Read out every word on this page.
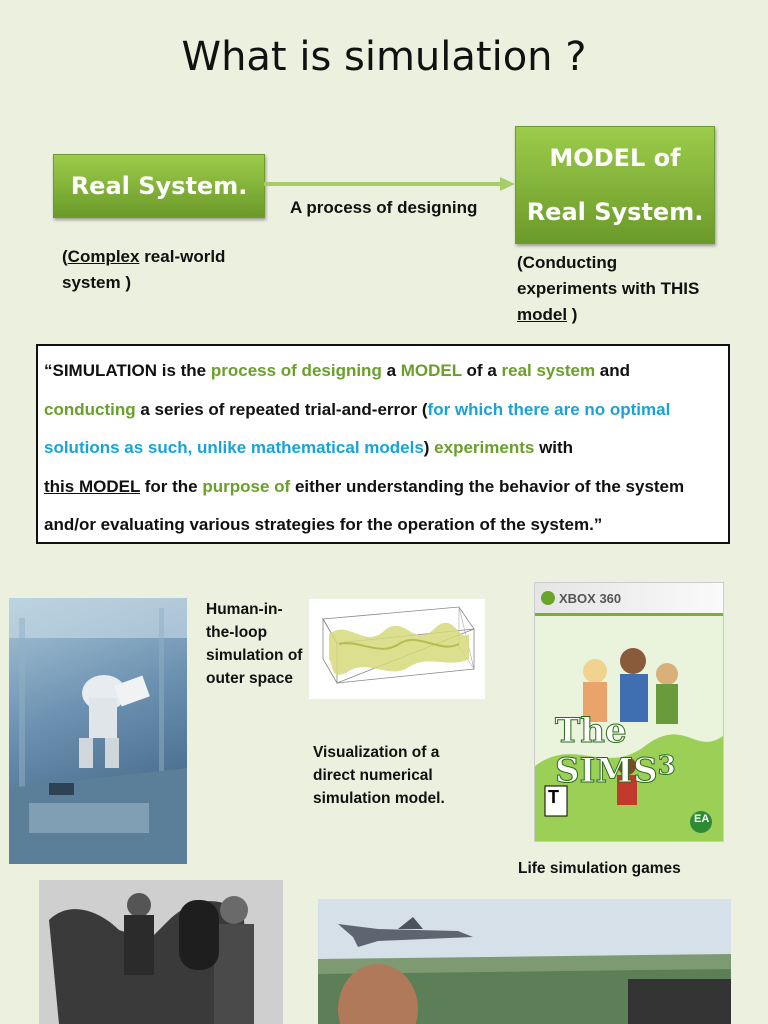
What is simulation ?
Real System.
A process of designing
MODEL of
Real System.
(Complex real-world
system )
(Conducting
experiments with THIS
model )
“SIMULATION is the process of designing a MODEL of a real system and
conducting a series of repeated trial-and-error (for which there are no optimal solutions as such, unlike mathematical models) experiments with
this MODEL for the purpose of either understanding the behavior of the system and/or evaluating various strategies for the operation of the system.”
Human-in-the-loop simulation of outer space
Visualization of a direct numerical simulation model.
XBOX 360
The SIMS$^3$
T
EA
Life simulation games
